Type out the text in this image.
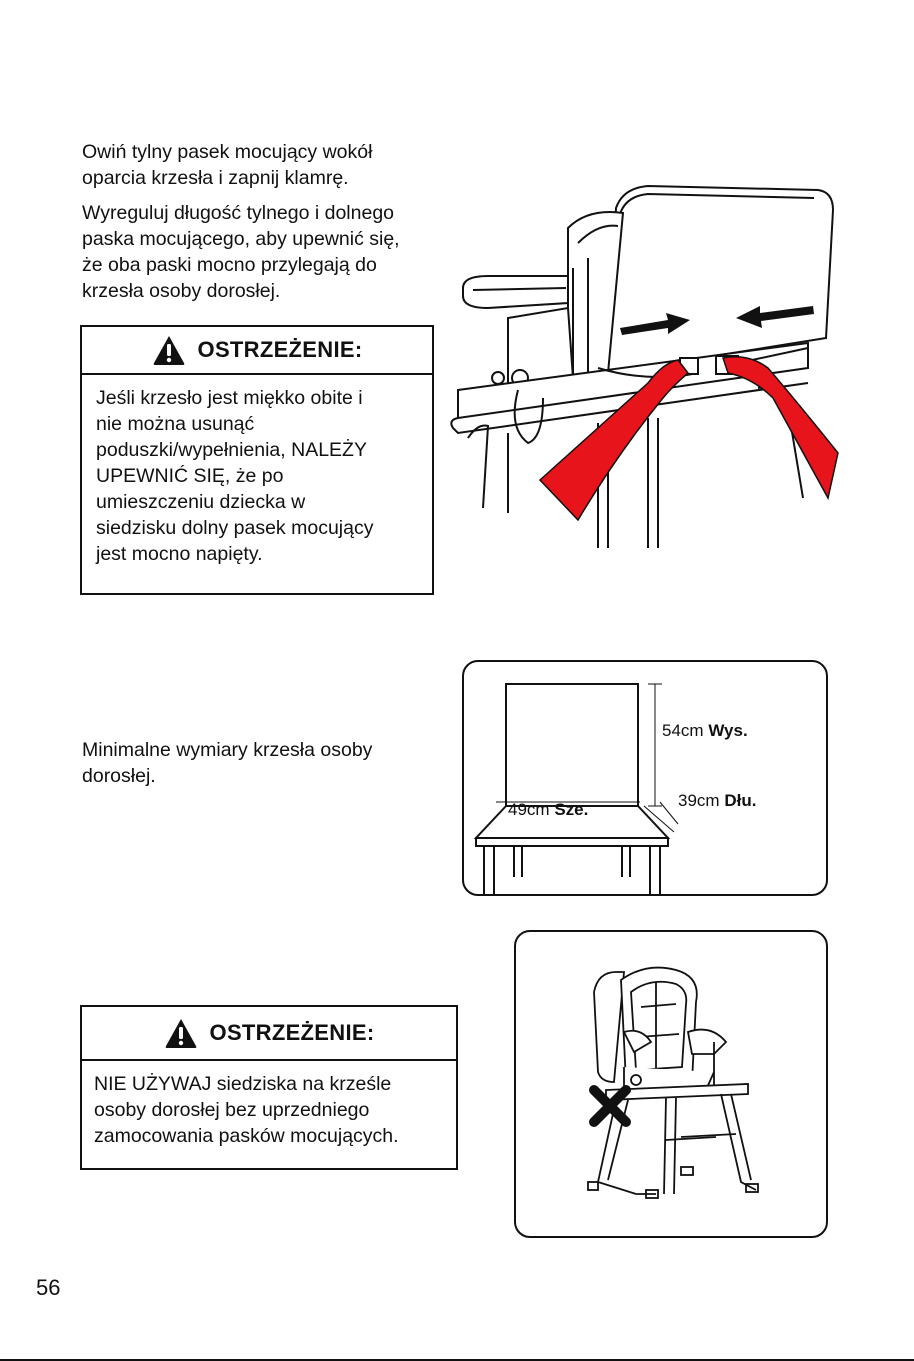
Owiń tylny pasek mocujący wokół

oparcia krzesła i zapnij klamrę.

Wyreguluj długość tylnego i dolnego

paska mocującego, aby upewnić się,

że oba paski mocno przylegają do

krzesła osoby dorosłej.

OSTRZEŻENIE:
Jeśli krzesło jest miękko obite i
nie można usunąć
poduszki/wypełnienia, NALEŻY
UPEWNIĆ SIĘ, że po
umieszczeniu dziecka w
siedzisku dolny pasek mocujący
jest mocno napięty.

Minimalne wymiary krzesła osoby

dorosłej.

54cm Wys.
39cm Dłu.
49cm Sze.
OSTRZEŻENIE:
NIE UŻYWAJ siedziska na krześle
osoby dorosłej bez uprzedniego
zamocowania pasków mocujących.
56
